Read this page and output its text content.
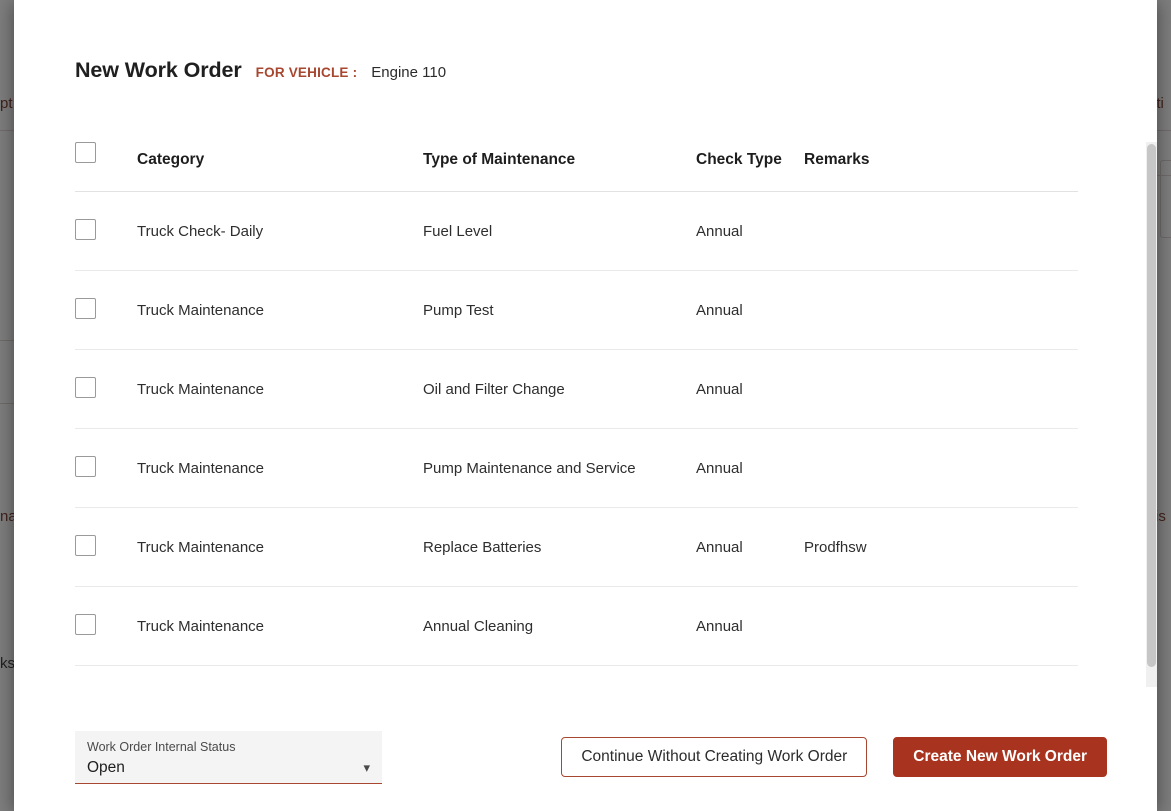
New Work Order FOR VEHICLE : Engine 110
	Category	Type of Maintenance	Check Type	Remarks
	Truck Check- Daily	Fuel Level	Annual	
	Truck Maintenance	Pump Test	Annual	
	Truck Maintenance	Oil and Filter Change	Annual	
	Truck Maintenance	Pump Maintenance and Service	Annual	
	Truck Maintenance	Replace Batteries	Annual	Prodfhsw
	Truck Maintenance	Annual Cleaning	Annual	
Work Order Internal Status
Open	▾
Continue Without Creating Work Order	Create New Work Order
